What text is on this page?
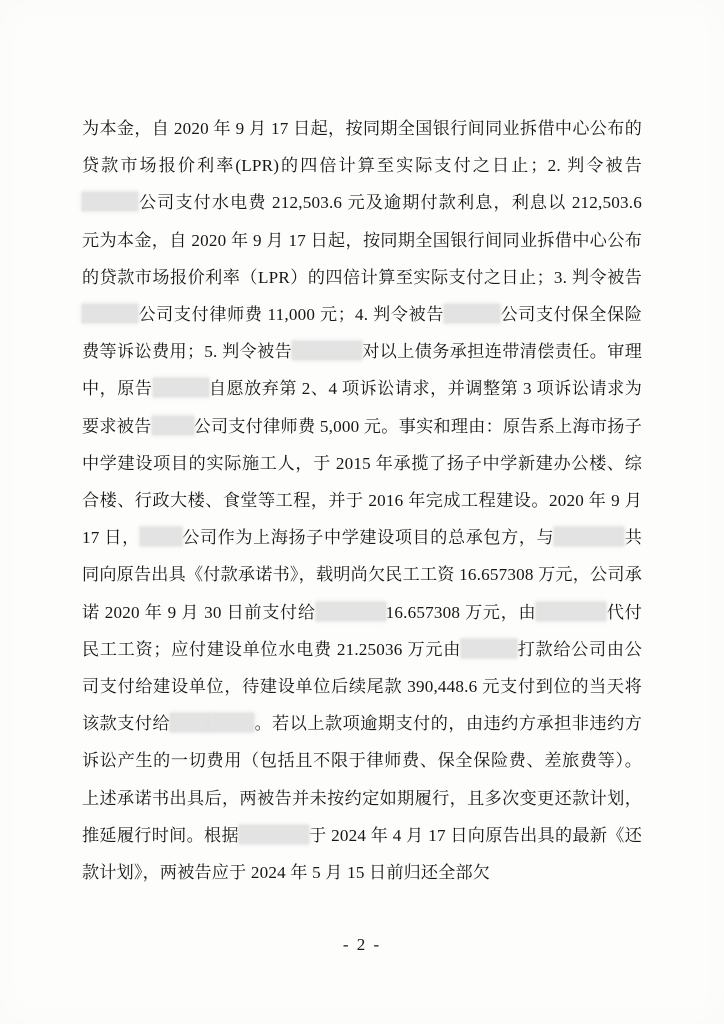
为本金，自 2020 年 9 月 17 日起，按同期全国银行间同业拆借中心公布的贷款市场报价利率(LPR)的四倍计算至实际支付之日止；2. 判令被告公司支付水电费 212,503.6 元及逾期付款利息，利息以 212,503.6 元为本金，自 2020 年 9 月 17 日起，按同期全国银行间同业拆借中心公布的贷款市场报价利率（LPR）的四倍计算至实际支付之日止；3. 判令被告公司支付律师费 11,000 元；4. 判令被告	公司支付保全保险费等诉讼费用；5. 判令被告	对以上债务承担连带清偿责任。审理中，原告	自愿放弃第 2、4 项诉讼请求，并调整第 3 项诉讼请求为要求被告 公司支付律师费 5,000 元。事实和理由：原告系上海市扬子中学建设项目的实际施工人，于 2015 年承揽了扬子中学新建办公楼、综合楼、行政大楼、食堂等工程，并于 2016 年完成工程建设。2020 年 9 月 17 日， 公司作为上海扬子中学建设项目的总承包方，与	共同向原告出具《付款承诺书》，载明尚欠民工工资 16.657308 万元，公司承诺 2020 年 9 月 30 日前支付给	16.657308 万元，由	代付民工工资；应付建设单位水电费 21.25036 万元由	打款给公司由公司支付给建设单位，待建设单位后续尾款 390,448.6 元支付到位的当天将该款支付给	。若以上款项逾期支付的，由违约方承担非违约方诉讼产生的一切费用（包括且不限于律师费、保全保险费、差旅费等）。上述承诺书出具后，两被告并未按约定如期履行，且多次变更还款计划，推延履行时间。根据	于 2024 年 4 月 17 日向原告出具的最新《还款计划》，两被告应于 2024 年 5 月 15 日前归还全部欠

- 2 -
